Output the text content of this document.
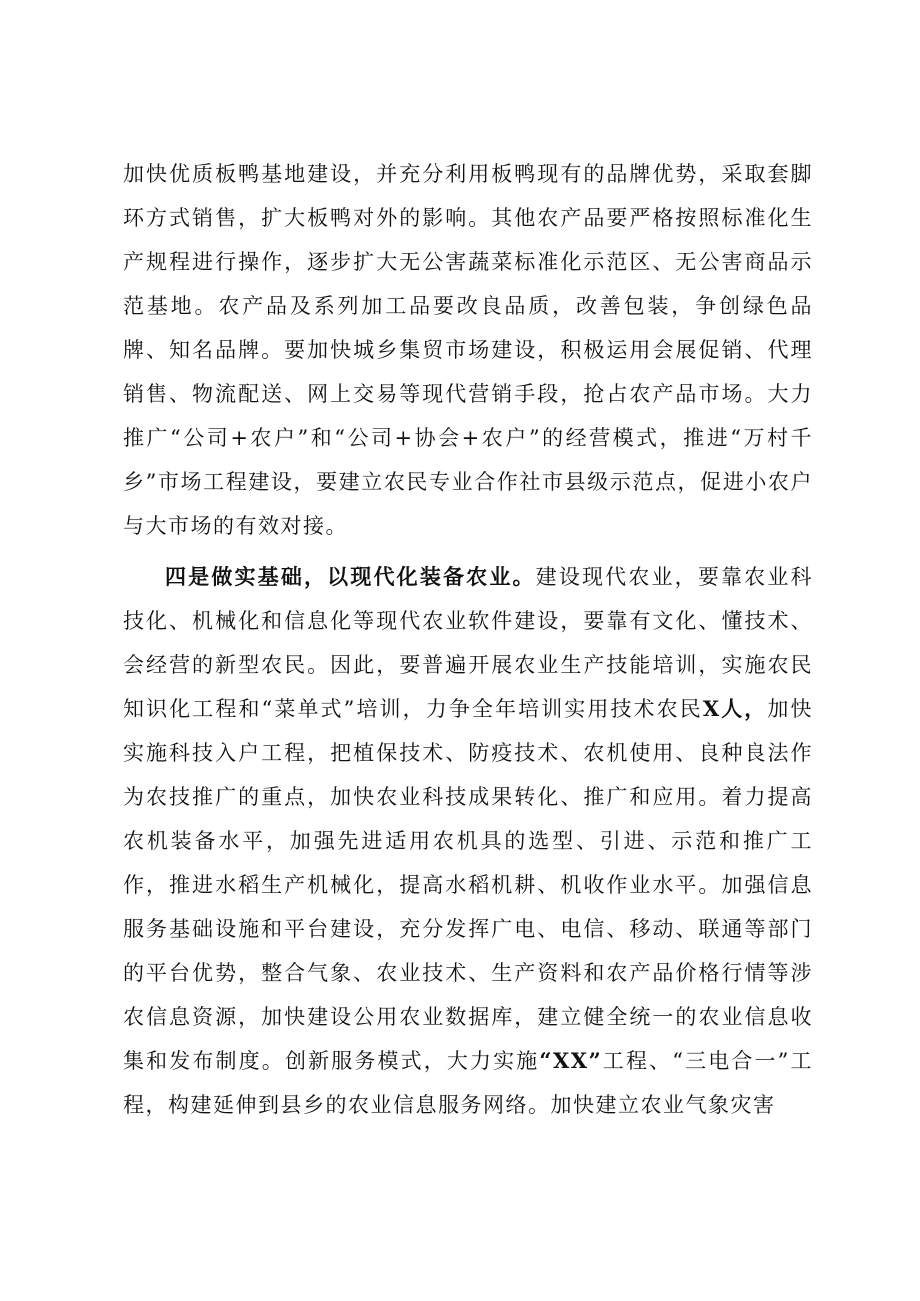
加快优质板鸭基地建设，并充分利用板鸭现有的品牌优势，采取套脚环方式销售，扩大板鸭对外的影响。其他农产品要严格按照标准化生产规程进行操作，逐步扩大无公害蔬菜标准化示范区、无公害商品示范基地。农产品及系列加工品要改良品质，改善包装，争创绿色品牌、知名品牌。要加快城乡集贸市场建设，积极运用会展促销、代理销售、物流配送、网上交易等现代营销手段，抢占农产品市场。大力推广“公司+农户”和“公司+协会+农户”的经营模式，推进“万村千乡”市场工程建设，要建立农民专业合作社市县级示范点，促进小农户与大市场的有效对接。

四是做实基础，以现代化装备农业。建设现代农业，要靠农业科技化、机械化和信息化等现代农业软件建设，要靠有文化、懂技术、会经营的新型农民。因此，要普遍开展农业生产技能培训，实施农民知识化工程和“菜单式”培训，力争全年培训实用技术农民X人，加快实施科技入户工程，把植保技术、防疫技术、农机使用、良种良法作为农技推广的重点，加快农业科技成果转化、推广和应用。着力提高农机装备水平，加强先进适用农机具的选型、引进、示范和推广工作，推进水稻生产机械化，提高水稻机耕、机收作业水平。加强信息服务基础设施和平台建设，充分发挥广电、电信、移动、联通等部门的平台优势，整合气象、农业技术、生产资料和农产品价格行情等涉农信息资源，加快建设公用农业数据库，建立健全统一的农业信息收集和发布制度。创新服务模式，大力实施“XX”工程、“三电合一”工程，构建延伸到县乡的农业信息服务网络。加快建立农业气象灾害
